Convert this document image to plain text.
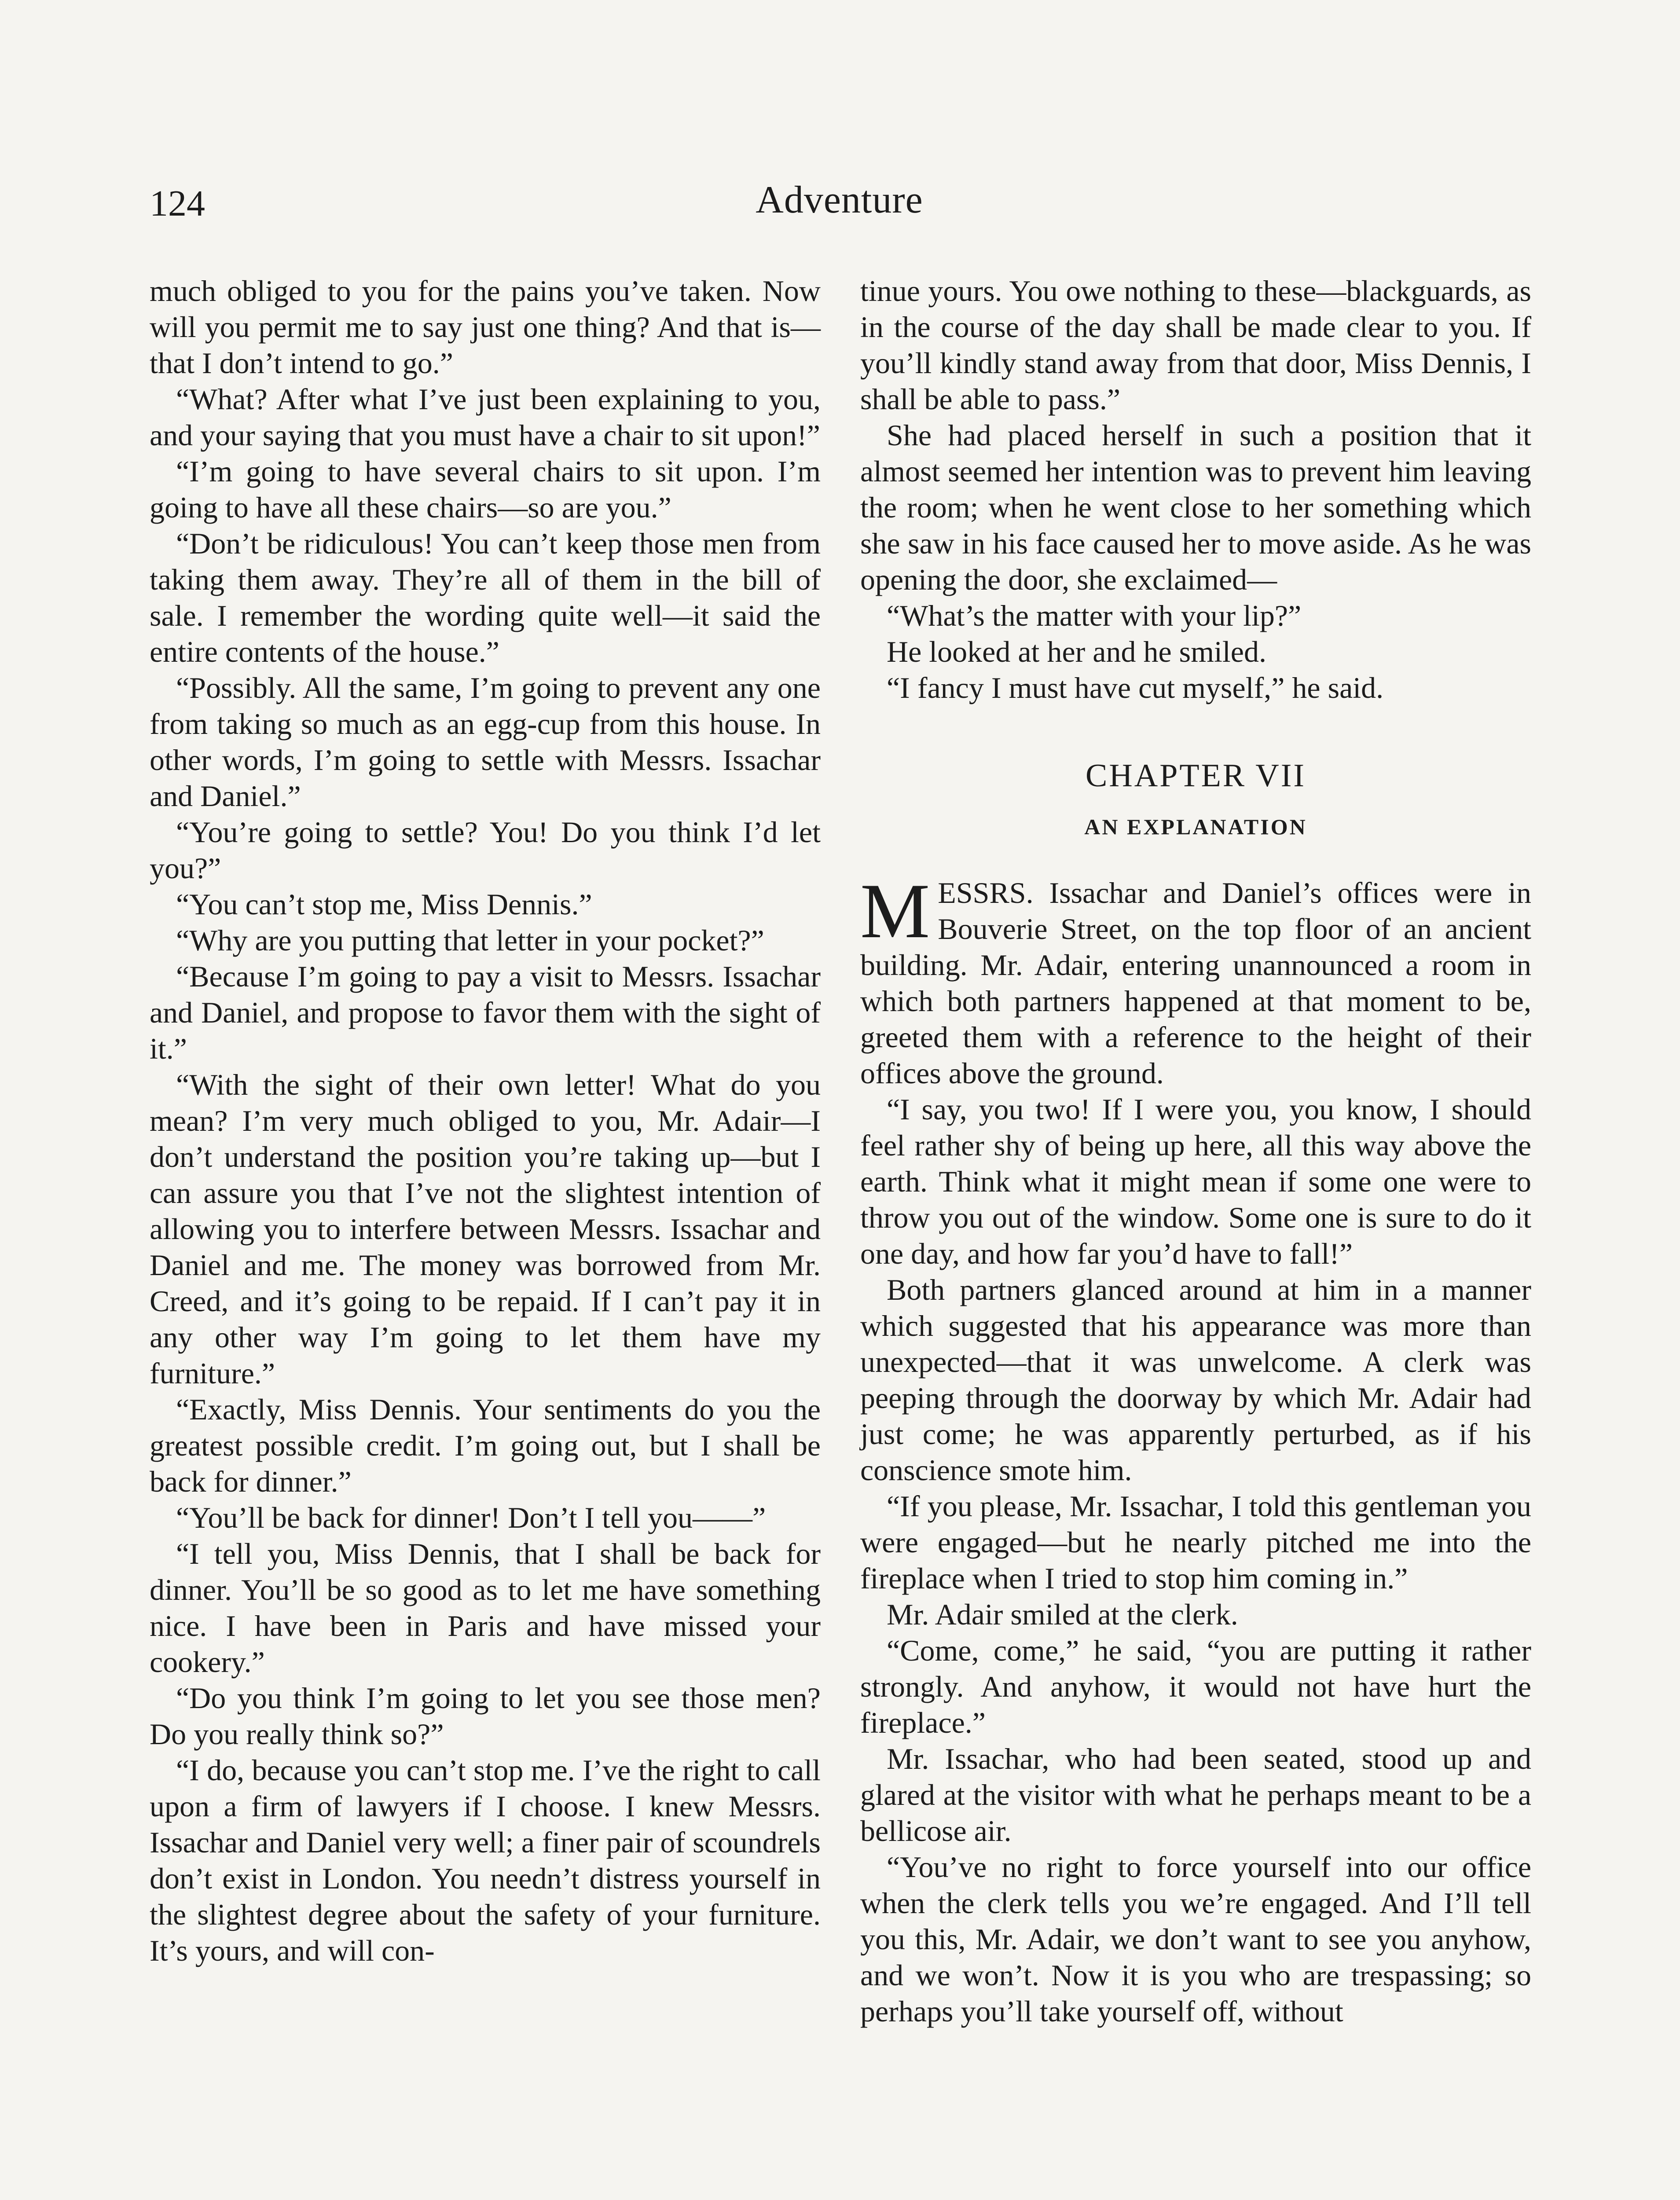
124	Adventure

much obliged to you for the pains you’ve taken. Now will you permit me to say just one thing? And that is—that I don’t intend to go.”

“What? After what I’ve just been explaining to you, and your saying that you must have a chair to sit upon!”

“I’m going to have several chairs to sit upon. I’m going to have all these chairs—so are you.”

“Don’t be ridiculous! You can’t keep those men from taking them away. They’re all of them in the bill of sale. I remember the wording quite well—it said the entire contents of the house.”

“Possibly. All the same, I’m going to prevent any one from taking so much as an egg-cup from this house. In other words, I’m going to settle with Messrs. Issachar and Daniel.”

“You’re going to settle? You! Do you think I’d let you?”

“You can’t stop me, Miss Dennis.”

“Why are you putting that letter in your pocket?”

“Because I’m going to pay a visit to Messrs. Issachar and Daniel, and propose to favor them with the sight of it.”

“With the sight of their own letter! What do you mean? I’m very much obliged to you, Mr. Adair—I don’t understand the position you’re taking up—but I can assure you that I’ve not the slightest intention of allowing you to interfere between Messrs. Issachar and Daniel and me. The money was borrowed from Mr. Creed, and it’s going to be repaid. If I can’t pay it in any other way I’m going to let them have my furniture.”

“Exactly, Miss Dennis. Your sentiments do you the greatest possible credit. I’m going out, but I shall be back for dinner.”

“You’ll be back for dinner! Don’t I tell you——”

“I tell you, Miss Dennis, that I shall be back for dinner. You’ll be so good as to let me have something nice. I have been in Paris and have missed your cookery.”

“Do you think I’m going to let you see those men? Do you really think so?”

“I do, because you can’t stop me. I’ve the right to call upon a firm of lawyers if I choose. I knew Messrs. Issachar and Daniel very well; a finer pair of scoundrels don’t exist in London. You needn’t distress yourself in the slightest degree about the safety of your furniture. It’s yours, and will con-

tinue yours. You owe nothing to these—blackguards, as in the course of the day shall be made clear to you. If you’ll kindly stand away from that door, Miss Dennis, I shall be able to pass.”

She had placed herself in such a position that it almost seemed her intention was to prevent him leaving the room; when he went close to her something which she saw in his face caused her to move aside. As he was opening the door, she exclaimed—

“What’s the matter with your lip?”

He looked at her and he smiled.

“I fancy I must have cut myself,” he said.

CHAPTER VII
AN EXPLANATION

MESSRS. Issachar and Daniel’s offices were in Bouverie Street, on the top floor of an ancient building. Mr. Adair, entering unannounced a room in which both partners happened at that moment to be, greeted them with a reference to the height of their offices above the ground.

“I say, you two! If I were you, you know, I should feel rather shy of being up here, all this way above the earth. Think what it might mean if some one were to throw you out of the window. Some one is sure to do it one day, and how far you’d have to fall!”

Both partners glanced around at him in a manner which suggested that his appearance was more than unexpected—that it was unwelcome. A clerk was peeping through the doorway by which Mr. Adair had just come; he was apparently perturbed, as if his conscience smote him.

“If you please, Mr. Issachar, I told this gentleman you were engaged—but he nearly pitched me into the fireplace when I tried to stop him coming in.”

Mr. Adair smiled at the clerk.

“Come, come,” he said, “you are putting it rather strongly. And anyhow, it would not have hurt the fireplace.”

Mr. Issachar, who had been seated, stood up and glared at the visitor with what he perhaps meant to be a bellicose air.

“You’ve no right to force yourself into our office when the clerk tells you we’re engaged. And I’ll tell you this, Mr. Adair, we don’t want to see you anyhow, and we won’t. Now it is you who are trespassing; so perhaps you’ll take yourself off, without
